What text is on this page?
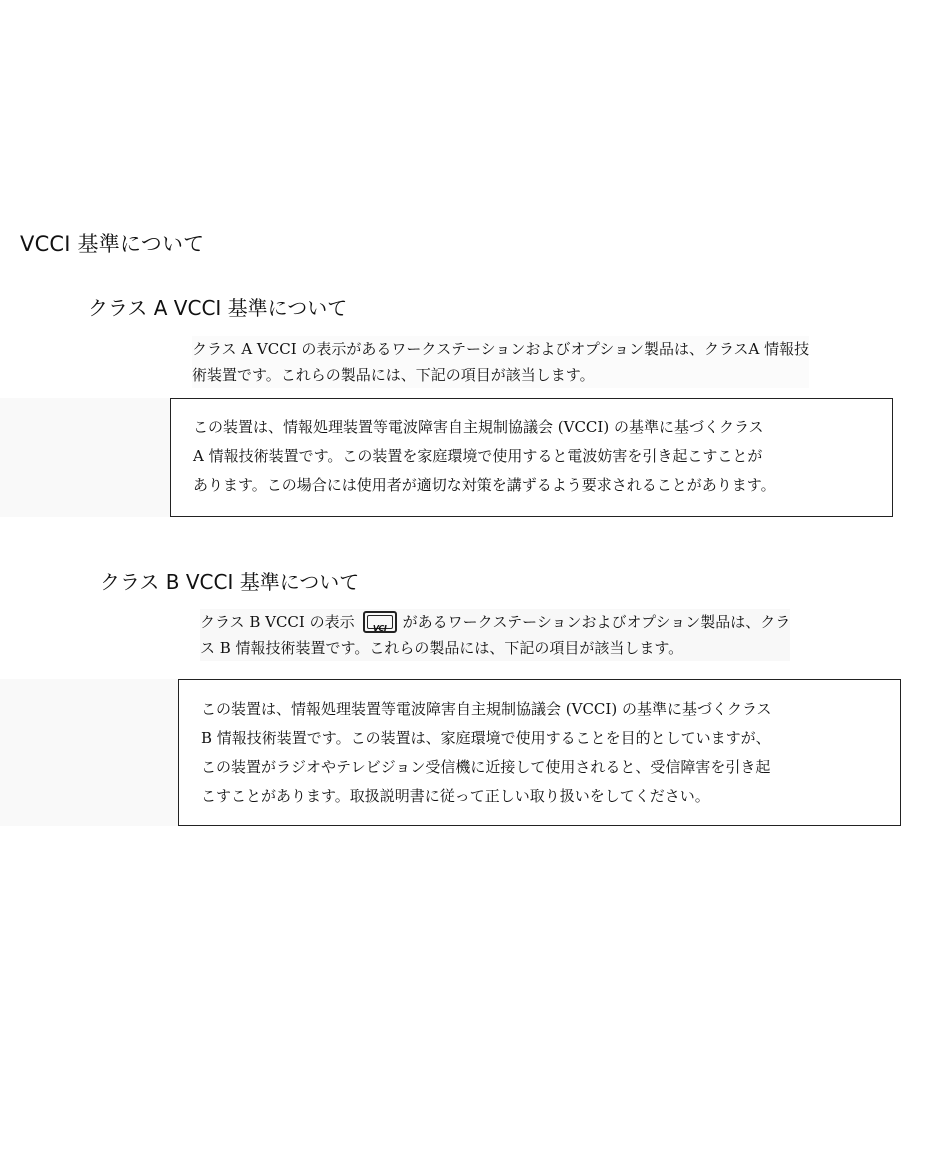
VCCI 基準について
クラス A VCCI 基準について
クラス A VCCI の表示があるワークステーションおよびオプション製品は、クラスA 情報技
術装置です。これらの製品には、下記の項目が該当します。
この装置は、情報処理装置等電波障害自主規制協議会 (VCCI) の基準に基づくクラス
A 情報技術装置です。この装置を家庭環境で使用すると電波妨害を引き起こすことが
あります。この場合には使用者が適切な対策を講ずるよう要求されることがあります。
クラス B VCCI 基準について
クラス B VCCI の表示	VCI	があるワークステーションおよびオプション製品は、クラ
ス B 情報技術装置です。これらの製品には、下記の項目が該当します。
この装置は、情報処理装置等電波障害自主規制協議会 (VCCI) の基準に基づくクラス
B 情報技術装置です。この装置は、家庭環境で使用することを目的としていますが、
この装置がラジオやテレビジョン受信機に近接して使用されると、受信障害を引き起
こすことがあります。取扱説明書に従って正しい取り扱いをしてください。
